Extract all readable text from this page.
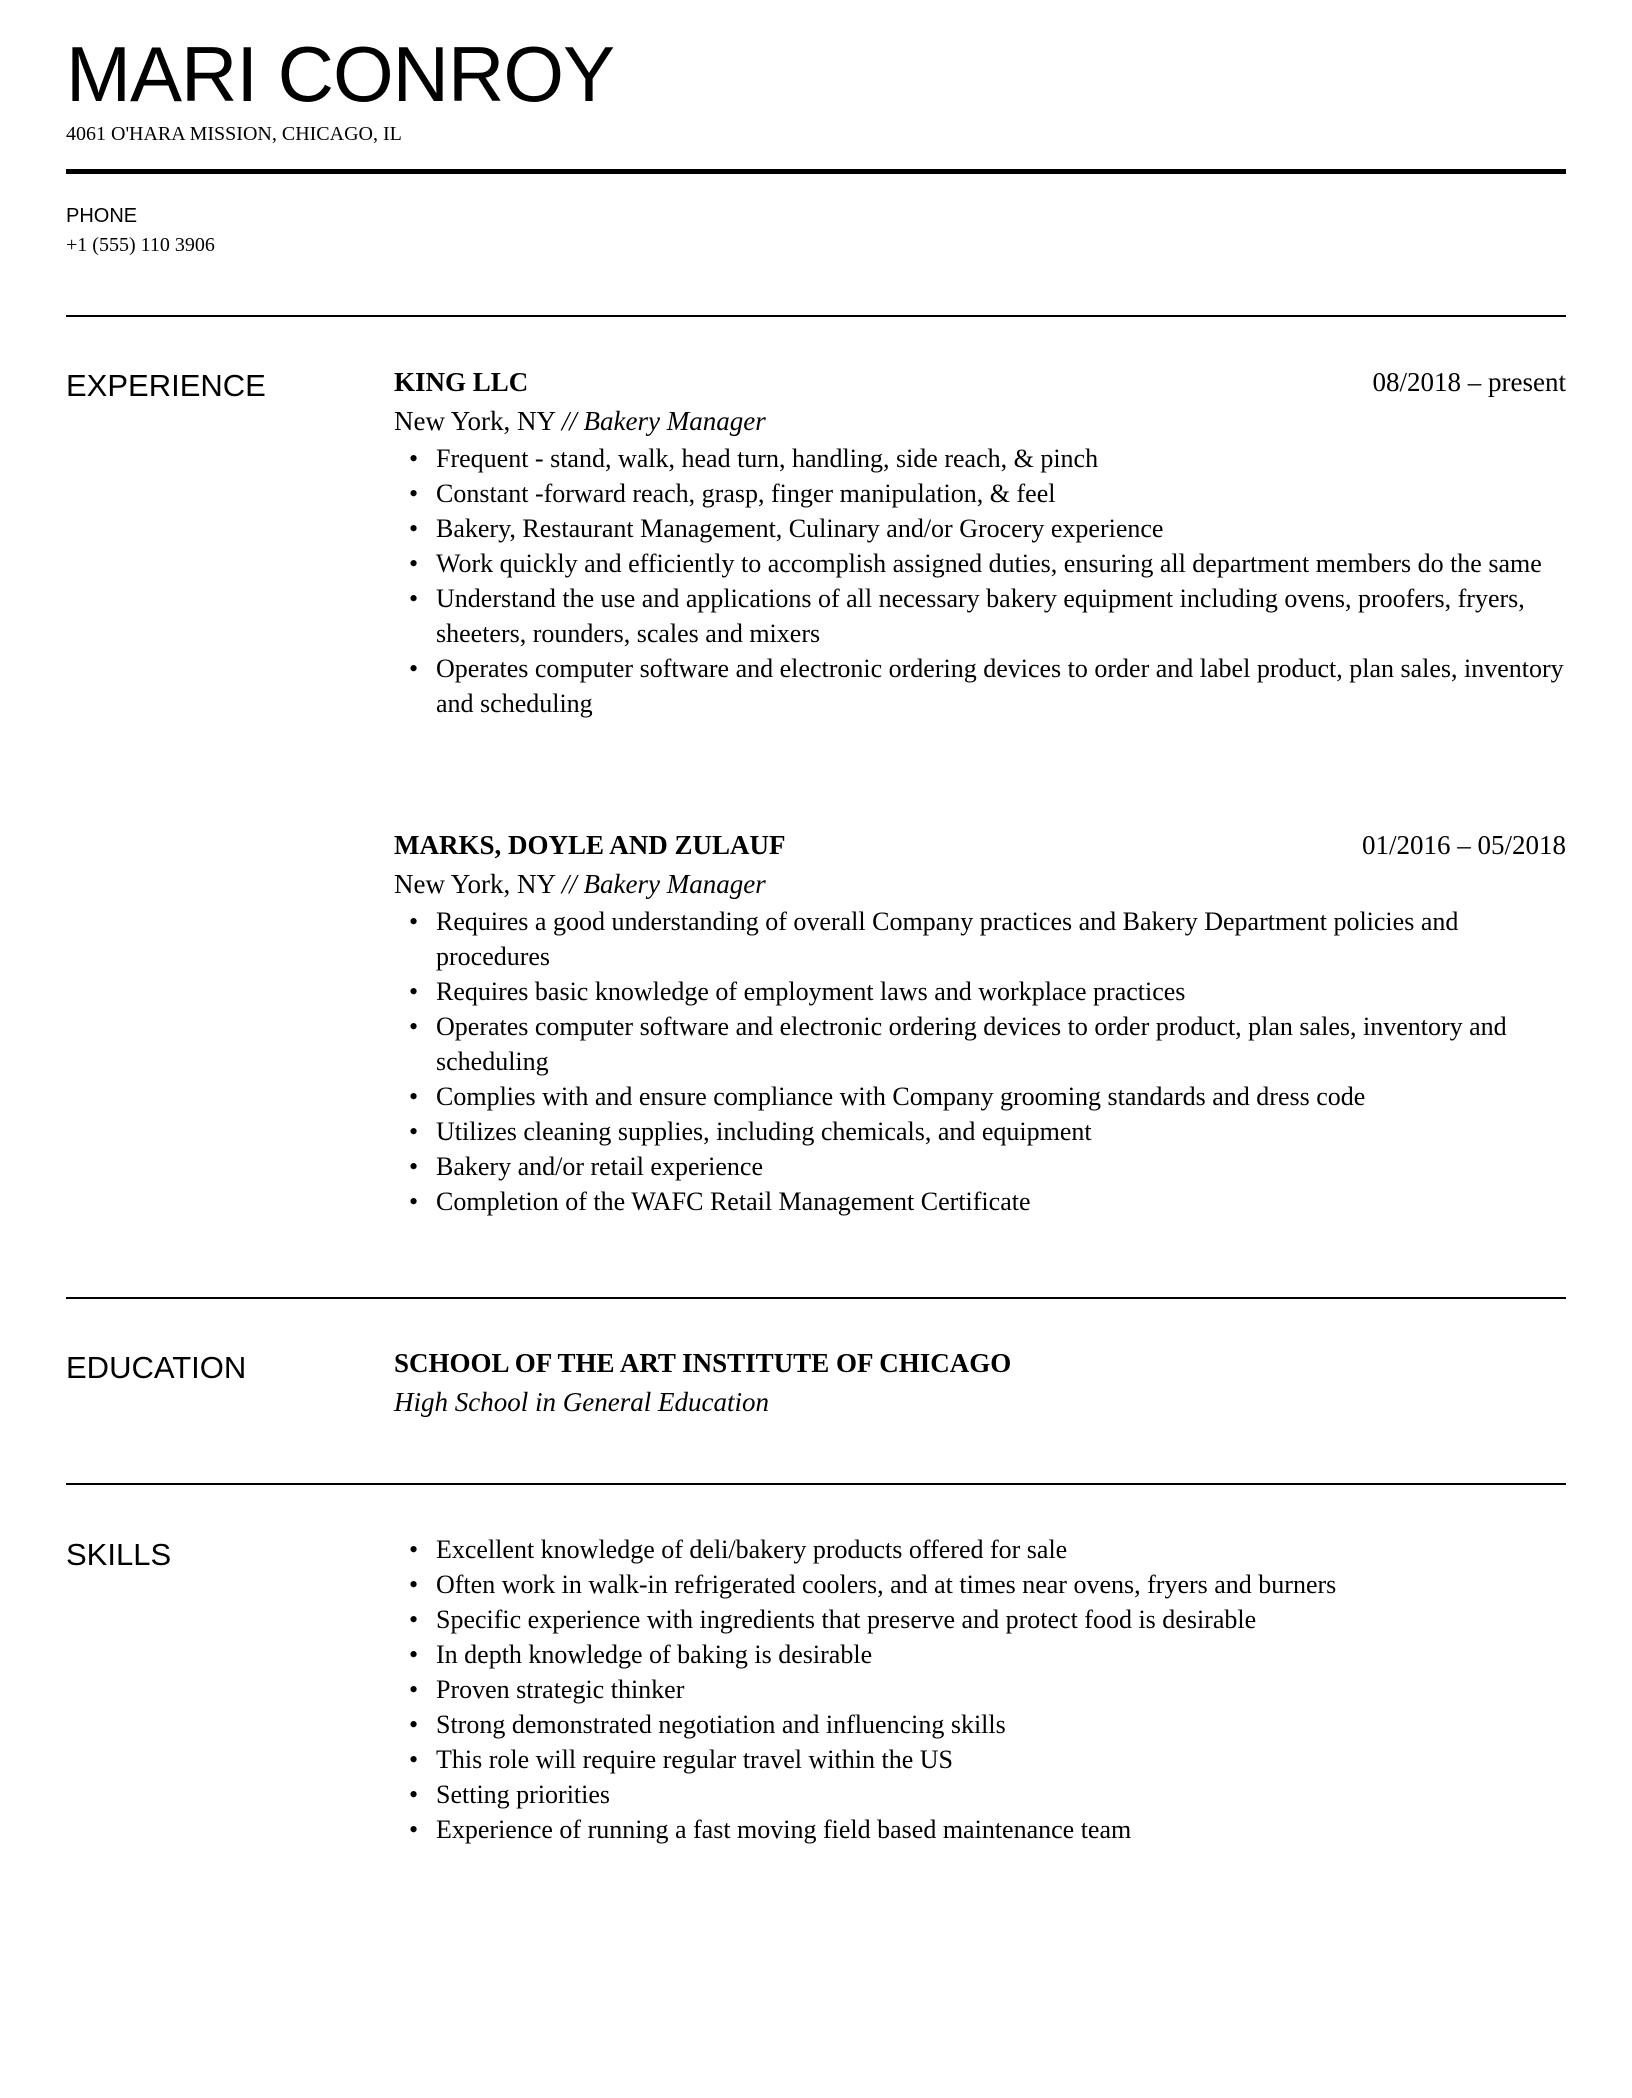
MARI CONROY
4061 O'HARA MISSION, CHICAGO, IL
PHONE
+1 (555) 110 3906
EXPERIENCE	KING LLC	08/2018 – present
New York, NY // Bakery Manager
• Frequent - stand, walk, head turn, handling, side reach, & pinch
• Constant -forward reach, grasp, finger manipulation, & feel
• Bakery, Restaurant Management, Culinary and/or Grocery experience
• Work quickly and efficiently to accomplish assigned duties, ensuring all department members do the same
• Understand the use and applications of all necessary bakery equipment including ovens, proofers, fryers, sheeters, rounders, scales and mixers
• Operates computer software and electronic ordering devices to order and label product, plan sales, inventory and scheduling
MARKS, DOYLE AND ZULAUF	01/2016 – 05/2018
New York, NY // Bakery Manager
• Requires a good understanding of overall Company practices and Bakery Department policies and procedures
• Requires basic knowledge of employment laws and workplace practices
• Operates computer software and electronic ordering devices to order product, plan sales, inventory and scheduling
• Complies with and ensure compliance with Company grooming standards and dress code
• Utilizes cleaning supplies, including chemicals, and equipment
• Bakery and/or retail experience
• Completion of the WAFC Retail Management Certificate
EDUCATION	SCHOOL OF THE ART INSTITUTE OF CHICAGO
High School in General Education
SKILLS
•	Excellent knowledge of deli/bakery products offered for sale
• Often work in walk-in refrigerated coolers, and at times near ovens, fryers and burners
• Specific experience with ingredients that preserve and protect food is desirable
• In depth knowledge of baking is desirable
• Proven strategic thinker
• Strong demonstrated negotiation and influencing skills
• This role will require regular travel within the US
• Setting priorities
• Experience of running a fast moving field based maintenance team
